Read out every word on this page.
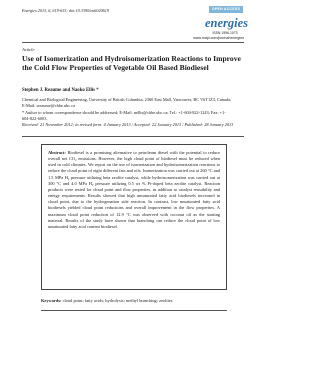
Energies 2013, 6, 619-633; doi:10.3390/en6020619	OPEN ACCESS
energies
ISSN 1996-1073
www.mdpi.com/journal/energies
Article
Use of Isomerization and Hydroisomerization Reactions to Improve the Cold Flow Properties of Vegetable Oil Based Biodiesel
Stephen J. Reaume and Naoko Ellis *
Chemical and Biological Engineering, University of British Columbia, 2360 East Mall, Vancouver, BC V6T1Z3, Canada; E-Mail: sreaume@chbe.ubc.ca
* Author to whom correspondence should be addressed; E-Mail: nellis@chbe.ubc.ca; Tel.: +1-604-822-1243; Fax: +1-604-822-6003.
Received: 21 November 2012; in revised form: 4 January 2013 / Accepted: 22 January 2013 / Published: 28 January 2013

Abstract: Biodiesel is a promising alternative to petroleum diesel with the potential to reduce overall net CO₂ emissions. However, the high cloud point of biodiesel must be reduced when used in cold climates. We report on the use of isomerization and hydroisomerization reactions to reduce the cloud point of eight different fats and oils. Isomerization was carried out at 260 °C and 1.5 MPa H₂ pressure utilizing beta zeolite catalyst, while hydroisomerization was carried out at 300 °C and 4.0 MPa H₂ pressure utilizing 0.5 wt % Pt-doped beta zeolite catalyst. Reaction products were tested for cloud point and flow properties, in addition to catalyst reusability and energy requirements. Results showed that high unsaturated fatty acid biodiesels increased in cloud point, due to the hydrogenation side reaction. In contrast, low unsaturated fatty acid biodiesels yielded cloud point reductions and overall improvement in the flow properties. A maximum cloud point reduction of 12.9 °C was observed with coconut oil as the starting material. Results of the study have shown that branching can reduce the cloud point of low unsaturated fatty acid content biodiesel.

Keywords: cloud point; fatty acids; hydrolysis; methyl branching; zeolites
